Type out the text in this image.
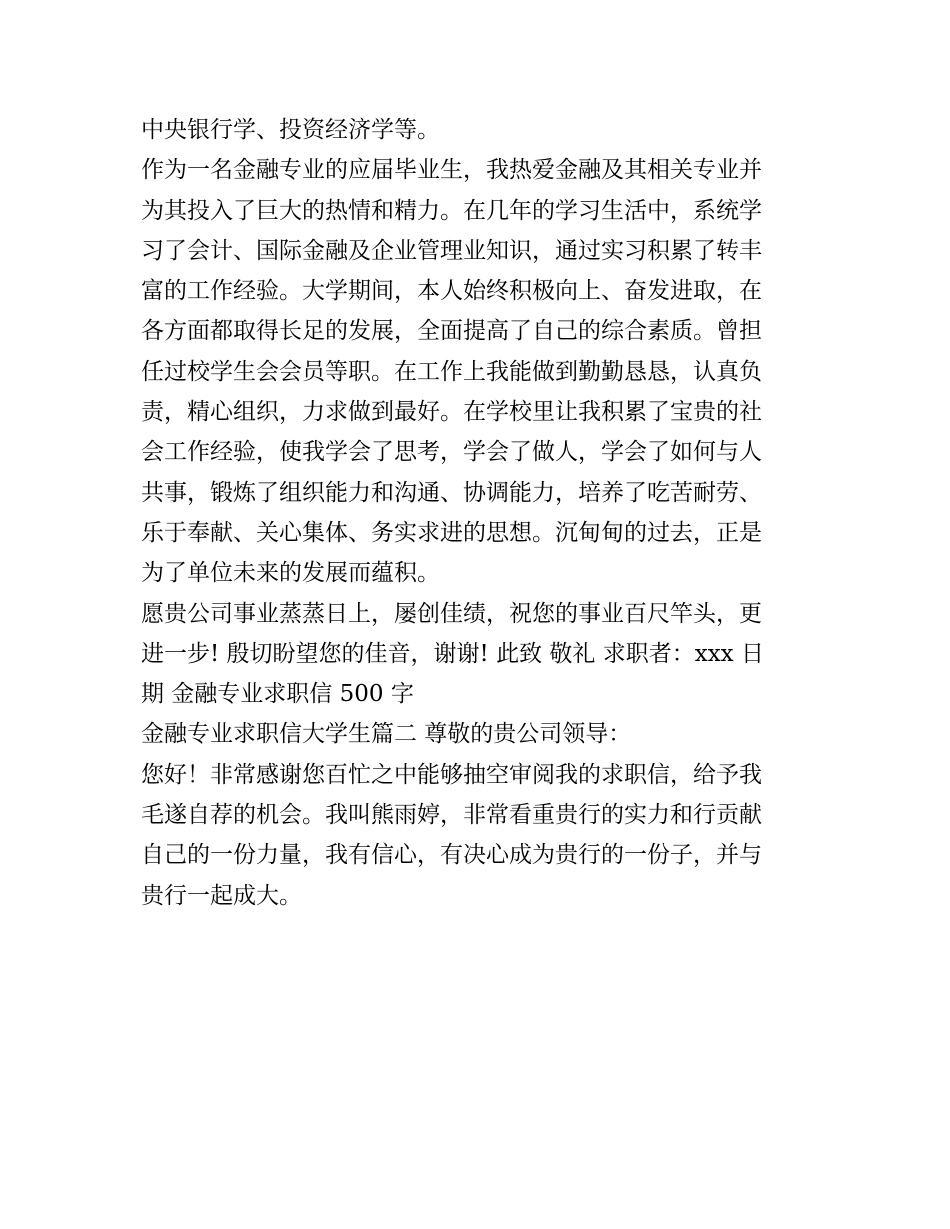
中央银行学、投资经济学等。
作为一名金融专业的应届毕业生，我热爱金融及其相关专业并
为其投入了巨大的热情和精力。在几年的学习生活中，系统学
习了会计、国际金融及企业管理业知识，通过实习积累了转丰
富的工作经验。大学期间，本人始终积极向上、奋发进取，在
各方面都取得长足的发展，全面提高了自己的综合素质。曾担
任过校学生会会员等职。在工作上我能做到勤勤恳恳，认真负
责，精心组织，力求做到最好。在学校里让我积累了宝贵的社
会工作经验，使我学会了思考，学会了做人，学会了如何与人
共事，锻炼了组织能力和沟通、协调能力，培养了吃苦耐劳、
乐于奉献、关心集体、务实求进的思想。沉甸甸的过去，正是
为了单位未来的发展而蕴积。
愿贵公司事业蒸蒸日上，屡创佳绩，祝您的事业百尺竿头，更
进一步! 殷切盼望您的佳音，谢谢! 此致 敬礼 求职者：xxx 日
期 金融专业求职信 500 字
金融专业求职信大学生篇二 尊敬的贵公司领导：
您好！非常感谢您百忙之中能够抽空审阅我的求职信，给予我
毛遂自荐的机会。我叫熊雨婷，非常看重贵行的实力和行贡献
自己的一份力量，我有信心，有决心成为贵行的一份子，并与
贵行一起成大。
